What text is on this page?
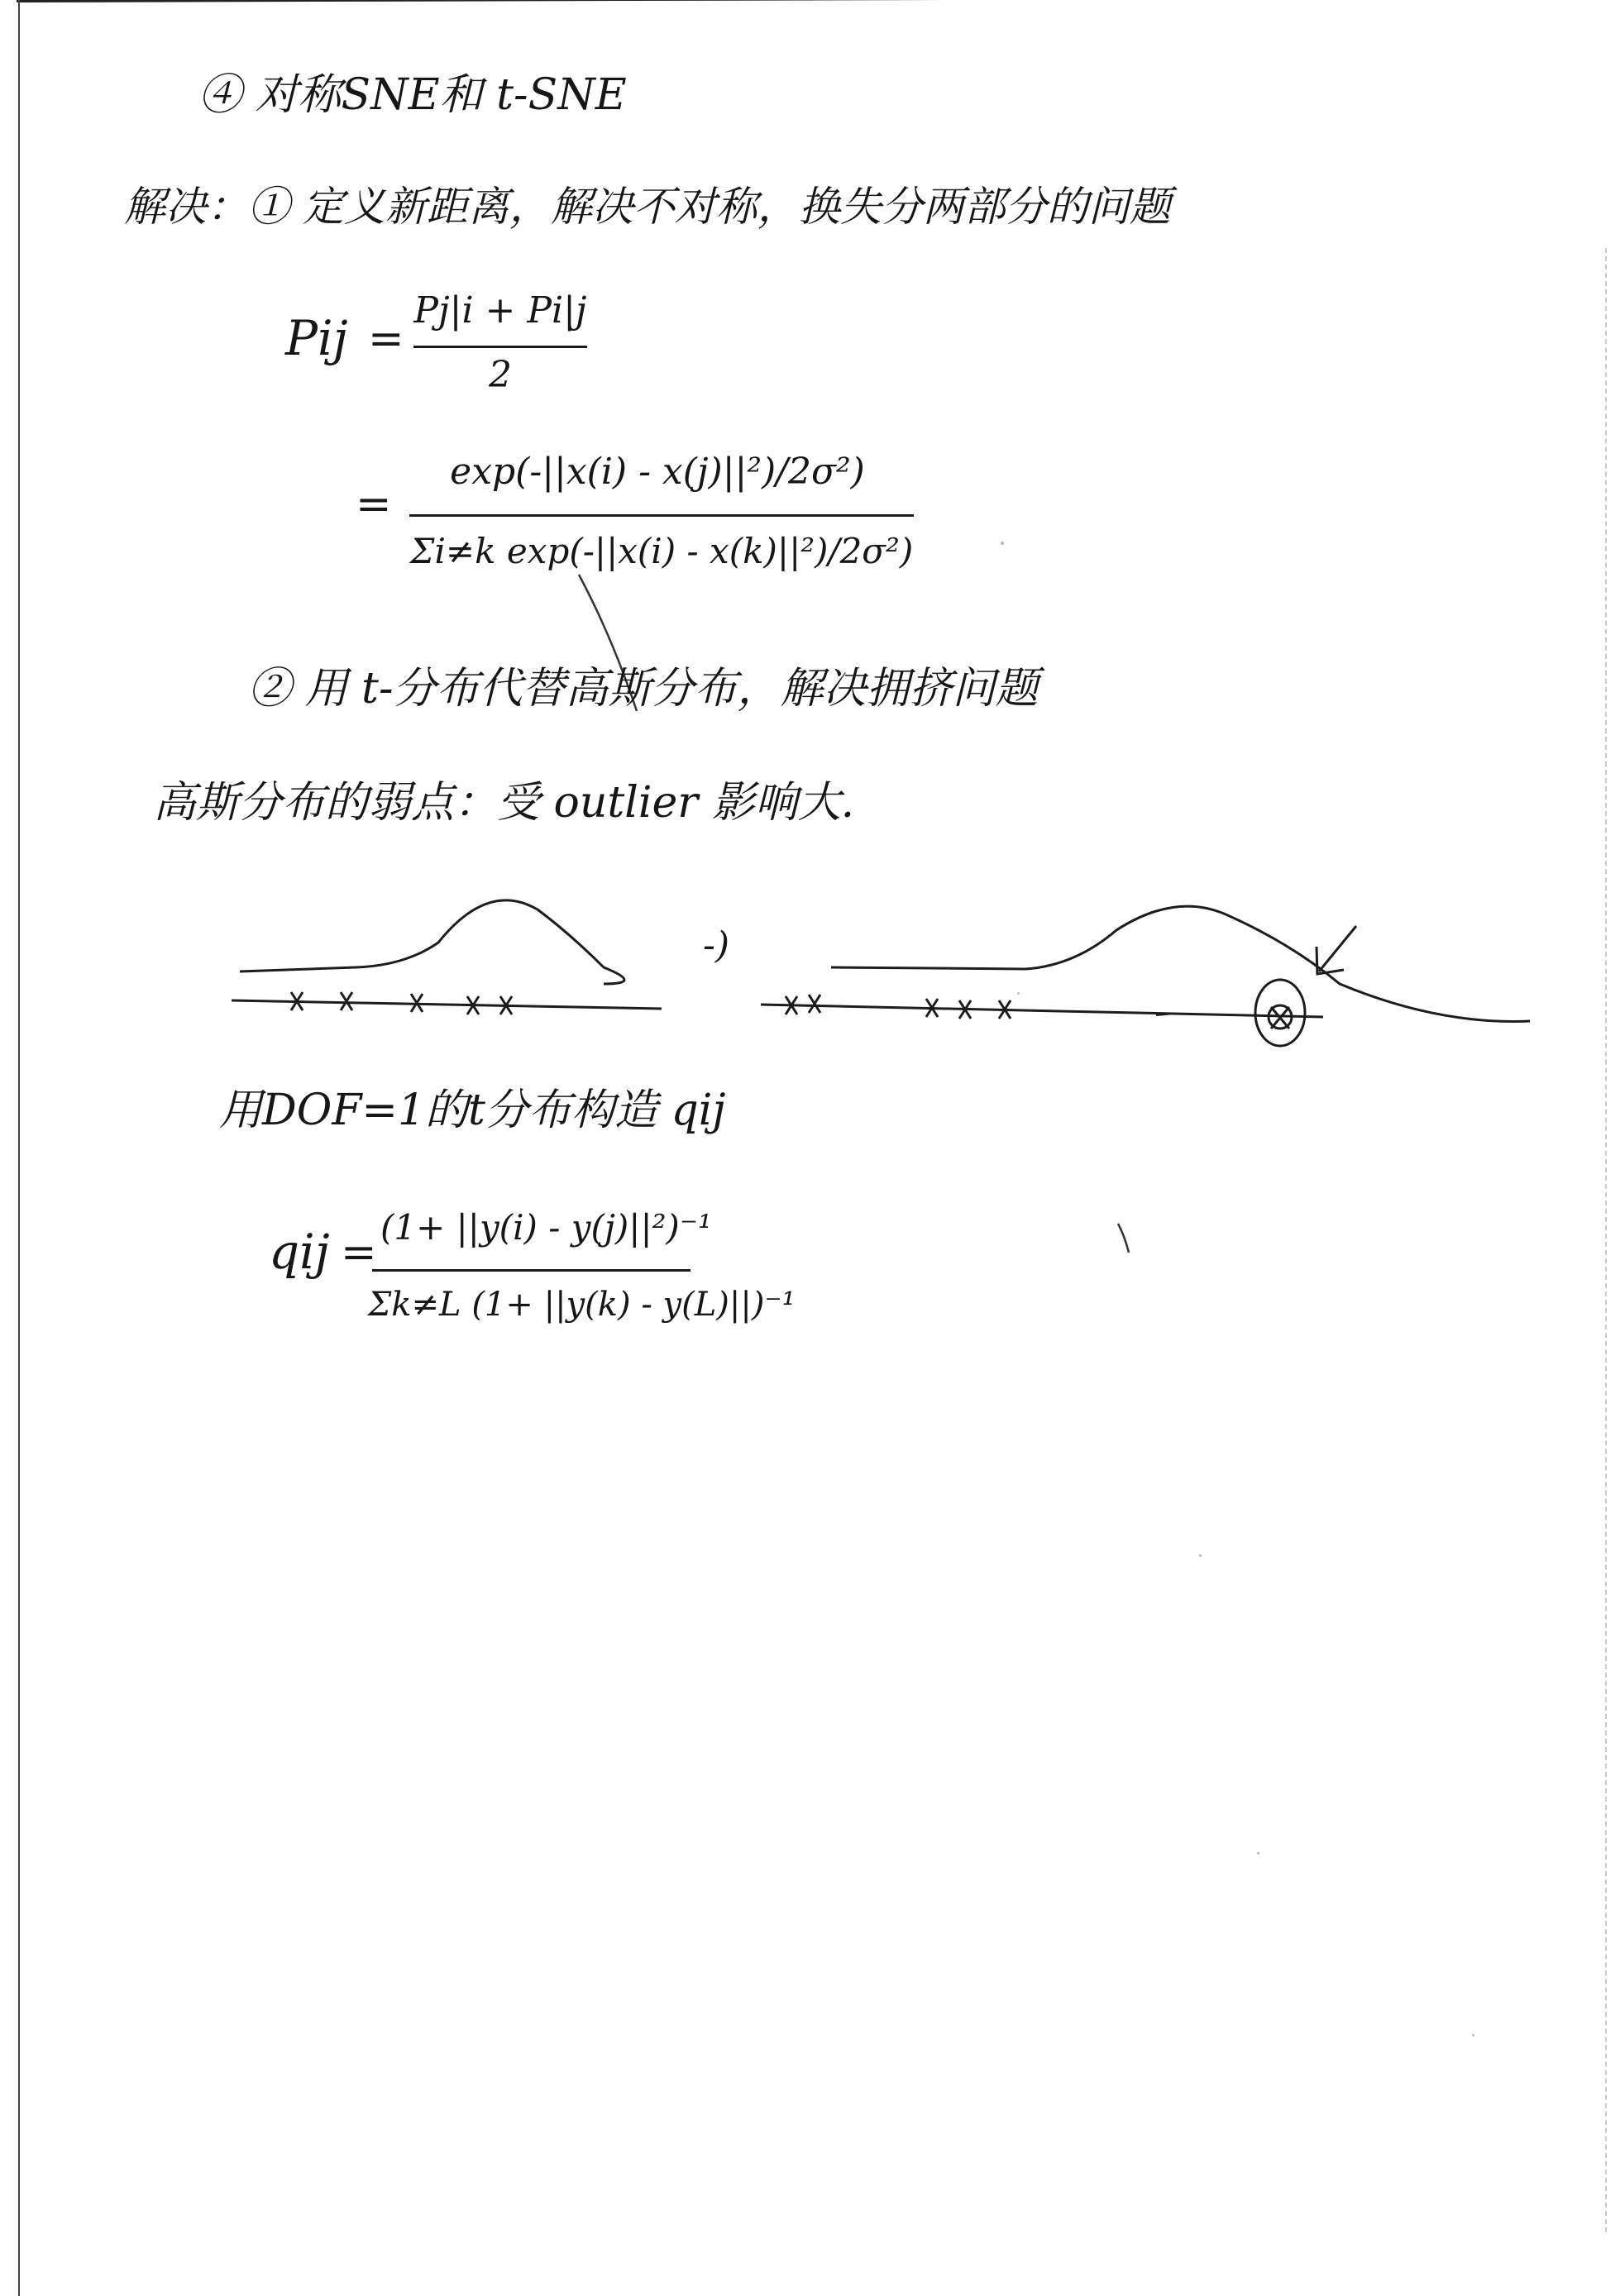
④ 对称SNE和 t-SNE
解决：① 定义新距离，解决不对称，换失分两部分的问题
Pij =
Pj|i + Pi|j
2
=
exp(-||x(i) - x(j)||²)/2σ²)
Σi≠k exp(-||x(i) - x(k)||²)/2σ²)
② 用 t-分布代替高斯分布，解决拥挤问题
高斯分布的弱点：受 outlier 影响大.
-)
用DOF=1的t分布构造 qij
qij =
(1+ ||y(i) - y(j)||²)⁻¹
Σk≠L (1+ ||y(k) - y(L)||)⁻¹
